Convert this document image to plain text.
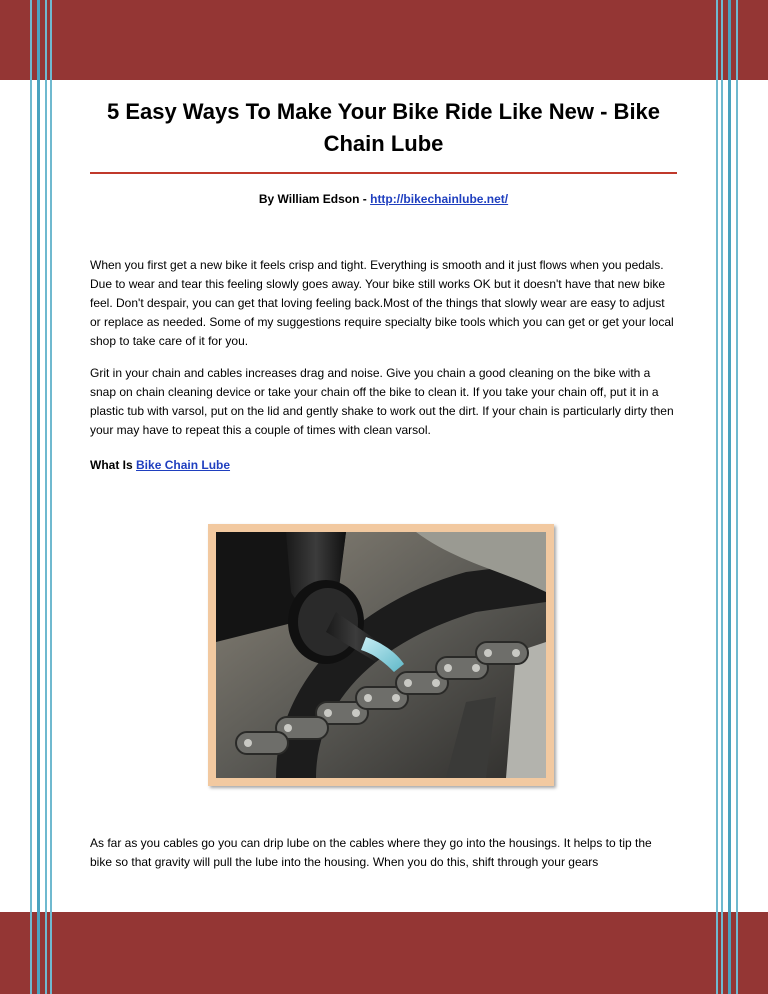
5 Easy Ways To Make Your Bike Ride Like New - Bike Chain Lube
By William Edson - http://bikechainlube.net/
When you first get a new bike it feels crisp and tight. Everything is smooth and it just flows when you pedals. Due to wear and tear this feeling slowly goes away. Your bike still works OK but it doesn't have that new bike feel. Don't despair, you can get that loving feeling back.Most of the things that slowly wear are easy to adjust or replace as needed. Some of my suggestions require specialty bike tools which you can get or get your local shop to take care of it for you.
Grit in your chain and cables increases drag and noise. Give you chain a good cleaning on the bike with a snap on chain cleaning device or take your chain off the bike to clean it. If you take your chain off, put it in a plastic tub with varsol, put on the lid and gently shake to work out the dirt. If your chain is particularly dirty then your may have to repeat this a couple of times with clean varsol.
What Is Bike Chain Lube
As far as you cables go you can drip lube on the cables where they go into the housings. It helps to tip the bike so that gravity will pull the lube into the housing. When you do this, shift through your gears
